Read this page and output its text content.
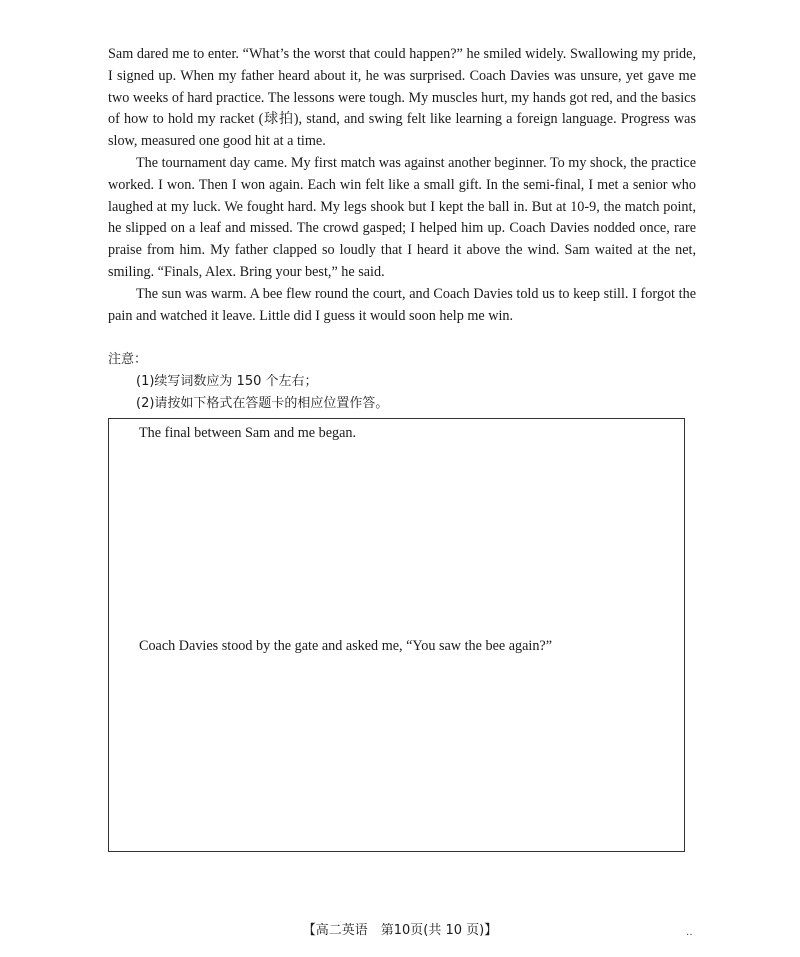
Sam dared me to enter. “What’s the worst that could happen?” he smiled widely. Swallowing my pride, I signed up. When my father heard about it, he was surprised. Coach Davies was unsure, yet gave me two weeks of hard practice. The lessons were tough. My muscles hurt, my hands got red, and the basics of how to hold my racket (球拍), stand, and swing felt like learning a foreign language. Progress was slow, measured one good hit at a time.

The tournament day came. My first match was against another beginner. To my shock, the practice worked. I won. Then I won again. Each win felt like a small gift. In the semi-final, I met a senior who laughed at my luck. We fought hard. My legs shook but I kept the ball in. But at 10-9, the match point, he slipped on a leaf and missed. The crowd gasped; I helped him up. Coach Davies nodded once, rare praise from him. My father clapped so loudly that I heard it above the wind. Sam waited at the net, smiling. “Finals, Alex. Bring your best,” he said.

The sun was warm. A bee flew round the court, and Coach Davies told us to keep still. I forgot the pain and watched it leave. Little did I guess it would soon help me win.

注意：

(1)续写词数应为 150 个左右；

(2)请按如下格式在答题卡的相应位置作答。

The final between Sam and me began.
Coach Davies stood by the gate and asked me, “You saw the bee again?”
【高二英语　第10页(共 10 页)】	··
